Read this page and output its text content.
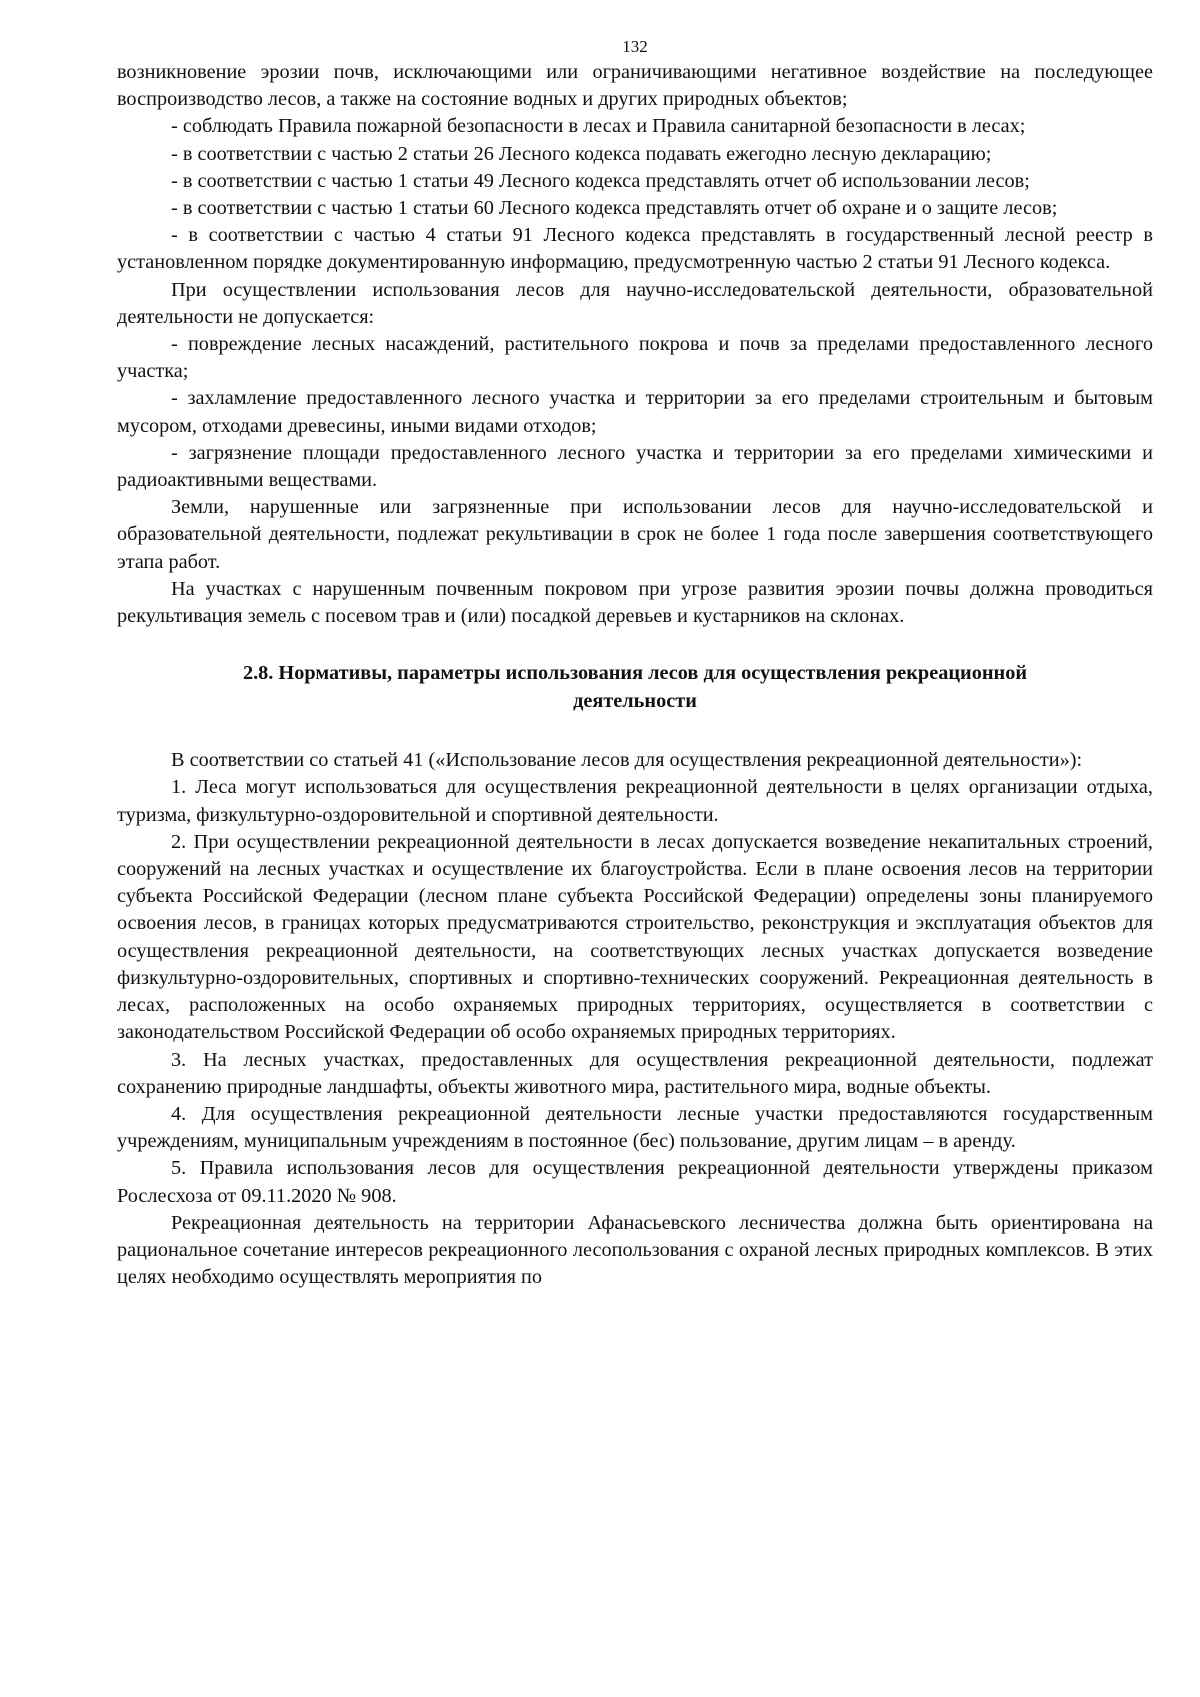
132

возникновение эрозии почв, исключающими или ограничивающими негативное воздействие на последующее воспроизводство лесов, а также на состояние водных и других природных объектов;

- соблюдать Правила пожарной безопасности в лесах и Правила санитарной безопасности в лесах;

- в соответствии с частью 2 статьи 26 Лесного кодекса подавать ежегодно лесную декларацию;

- в соответствии с частью 1 статьи 49 Лесного кодекса представлять отчет об использовании лесов;

- в соответствии с частью 1 статьи 60 Лесного кодекса представлять отчет об охране и о защите лесов;

- в соответствии с частью 4 статьи 91 Лесного кодекса представлять в государственный лесной реестр в установленном порядке документированную информацию, предусмотренную частью 2 статьи 91 Лесного кодекса.

При осуществлении использования лесов для научно-исследовательской деятельности, образовательной деятельности не допускается:

- повреждение лесных насаждений, растительного покрова и почв за пределами предоставленного лесного участка;

- захламление предоставленного лесного участка и территории за его пределами строительным и бытовым мусором, отходами древесины, иными видами отходов;

- загрязнение площади предоставленного лесного участка и территории за его пределами химическими и радиоактивными веществами.

Земли, нарушенные или загрязненные при использовании лесов для научно-исследовательской и образовательной деятельности, подлежат рекультивации в срок не более 1 года после завершения соответствующего этапа работ.

На участках с нарушенным почвенным покровом при угрозе развития эрозии почвы должна проводиться рекультивация земель с посевом трав и (или) посадкой деревьев и кустарников на склонах.

2.8. Нормативы, параметры использования лесов для осуществления рекреационной
деятельности

В соответствии со статьей 41 («Использование лесов для осуществления рекреационной деятельности»):

1. Леса могут использоваться для осуществления рекреационной деятельности в целях организации отдыха, туризма, физкультурно-оздоровительной и спортивной деятельности.

2. При осуществлении рекреационной деятельности в лесах допускается возведение некапитальных строений, сооружений на лесных участках и осуществление их благоустройства. Если в плане освоения лесов на территории субъекта Российской Федерации (лесном плане субъекта Российской Федерации) определены зоны планируемого освоения лесов, в границах которых предусматриваются строительство, реконструкция и эксплуатация объектов для осуществления рекреационной деятельности, на соответствующих лесных участках допускается возведение физкультурно-оздоровительных, спортивных и спортивно-технических сооружений. Рекреационная деятельность в лесах, расположенных на особо охраняемых природных территориях, осуществляется в соответствии с законодательством Российской Федерации об особо охраняемых природных территориях.

3. На лесных участках, предоставленных для осуществления рекреационной деятельности, подлежат сохранению природные ландшафты, объекты животного мира, растительного мира, водные объекты.

4. Для осуществления рекреационной деятельности лесные участки предоставляются государственным учреждениям, муниципальным учреждениям в постоянное (бес) пользование, другим лицам – в аренду.

5. Правила использования лесов для осуществления рекреационной деятельности утверждены приказом Рослесхоза от 09.11.2020 № 908.

Рекреационная деятельность на территории Афанасьевского лесничества должна быть ориентирована на рациональное сочетание интересов рекреационного лесопользования с охраной лесных природных комплексов. В этих целях необходимо осуществлять мероприятия по
